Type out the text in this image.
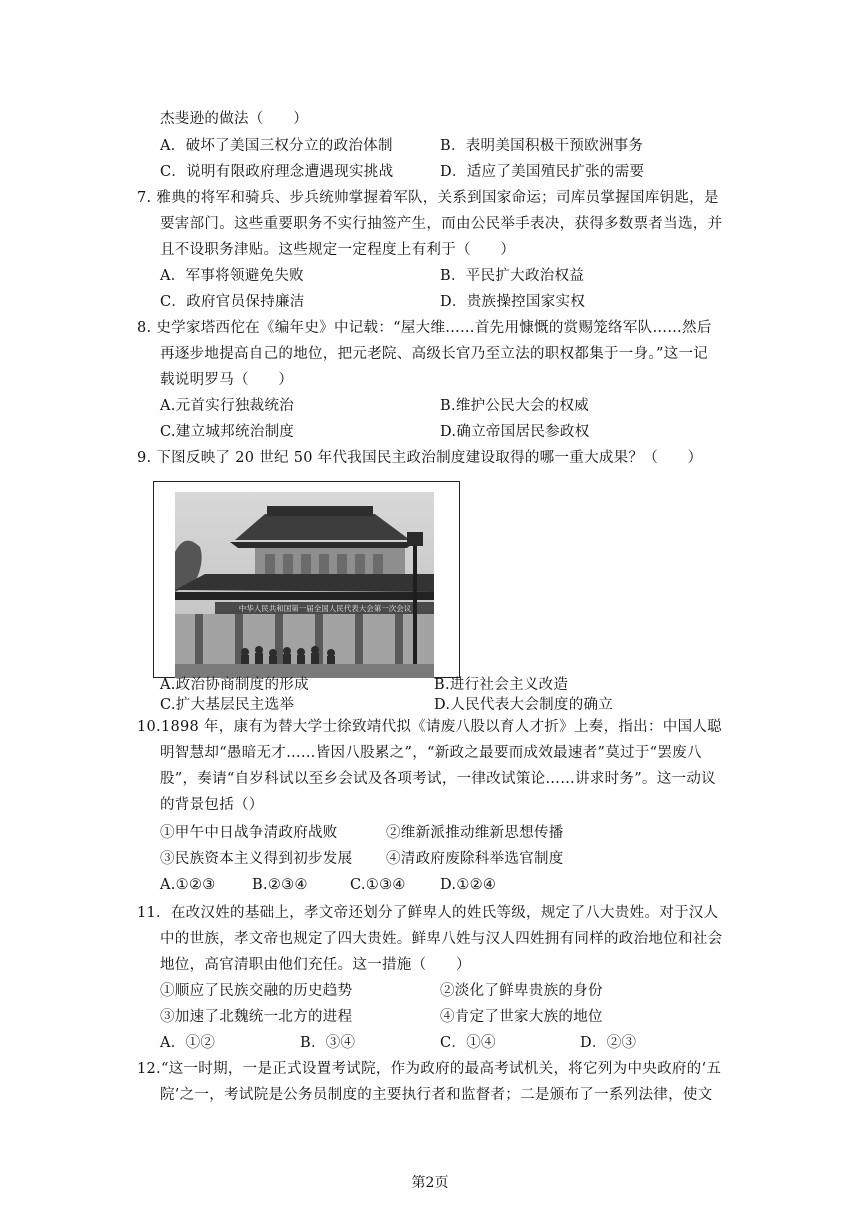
杰斐逊的做法（　　）
A．破坏了美国三权分立的政治体制	B．表明美国积极干预欧洲事务
C．说明有限政府理念遭遇现实挑战	D．适应了美国殖民扩张的需要
7. 雅典的将军和骑兵、步兵统帅掌握着军队，关系到国家命运；司库员掌握国库钥匙，是
要害部门。这些重要职务不实行抽签产生，而由公民举手表决，获得多数票者当选，并
且不设职务津贴。这些规定一定程度上有利于（　　）
A．军事将领避免失败	B．平民扩大政治权益
C．政府官员保持廉洁	D．贵族操控国家实权
8. 史学家塔西佗在《编年史》中记载：“屋大维……首先用慷慨的赏赐笼络军队……然后
再逐步地提高自己的地位，把元老院、高级长官乃至立法的职权都集于一身。”这一记
载说明罗马（　　）
A.元首实行独裁统治	B.维护公民大会的权威
C.建立城邦统治制度	D.确立帝国居民参政权
9. 下图反映了 20 世纪 50 年代我国民主政治制度建设取得的哪一重大成果？（　　）
中华人民共和国第一届全国人民代表大会第一次会议
A.政治协商制度的形成	B.进行社会主义改造
C.扩大基层民主选举	D.人民代表大会制度的确立
10.1898 年，康有为替大学士徐致靖代拟《请废八股以育人才折》上奏，指出：中国人聪
明智慧却“愚暗无才……皆因八股累之”，“新政之最要而成效最速者”莫过于“罢废八
股”，奏请“自岁科试以至乡会试及各项考试，一律改试策论……讲求时务”。这一动议
的背景包括（）
①甲午中日战争清政府战败	②维新派推动维新思想传播
③民族资本主义得到初步发展 ④清政府废除科举选官制度
A.①②③	B.②③④	C.①③④ D.①②④
11．在改汉姓的基础上，孝文帝还划分了鲜卑人的姓氏等级，规定了八大贵姓。对于汉人
中的世族，孝文帝也规定了四大贵姓。鲜卑八姓与汉人四姓拥有同样的政治地位和社会
地位，高官清职由他们充任。这一措施（　　）
①顺应了民族交融的历史趋势	②淡化了鲜卑贵族的身份
③加速了北魏统一北方的进程	④肯定了世家大族的地位
A．①②	B．③④	C．①④	D．②③
12.“这一时期，一是正式设置考试院，作为政府的最高考试机关，将它列为中央政府的‘五
院’之一，考试院是公务员制度的主要执行者和监督者；二是颁布了一系列法律，使文
第2页
